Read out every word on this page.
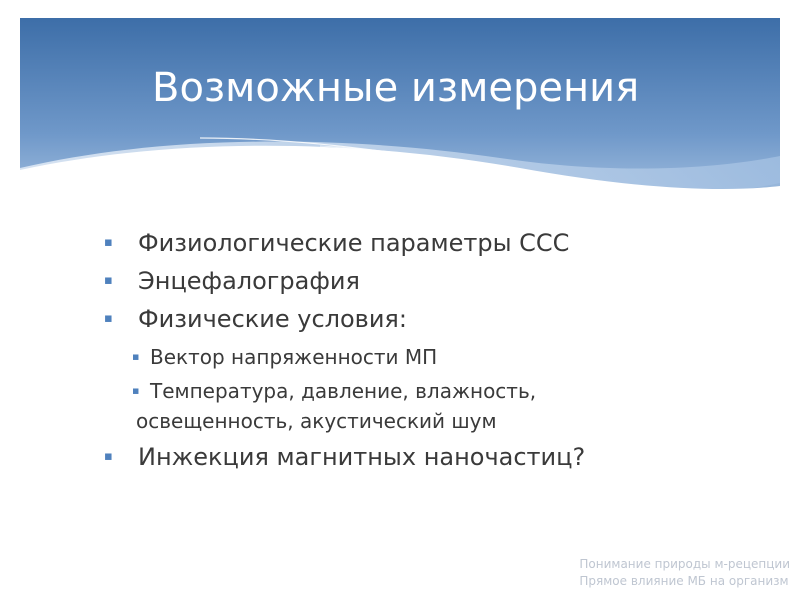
Возможные измерения
▪ Физиологические параметры ССС
▪ Энцефалография
▪ Физические условия:
▪ Вектор напряженности МП
▪ Температура, давление, влажность,
освещенность, акустический шум
▪ Инжекция магнитных наночастиц?
Понимание природы м-рецепции
Прямое влияние МБ на организм
